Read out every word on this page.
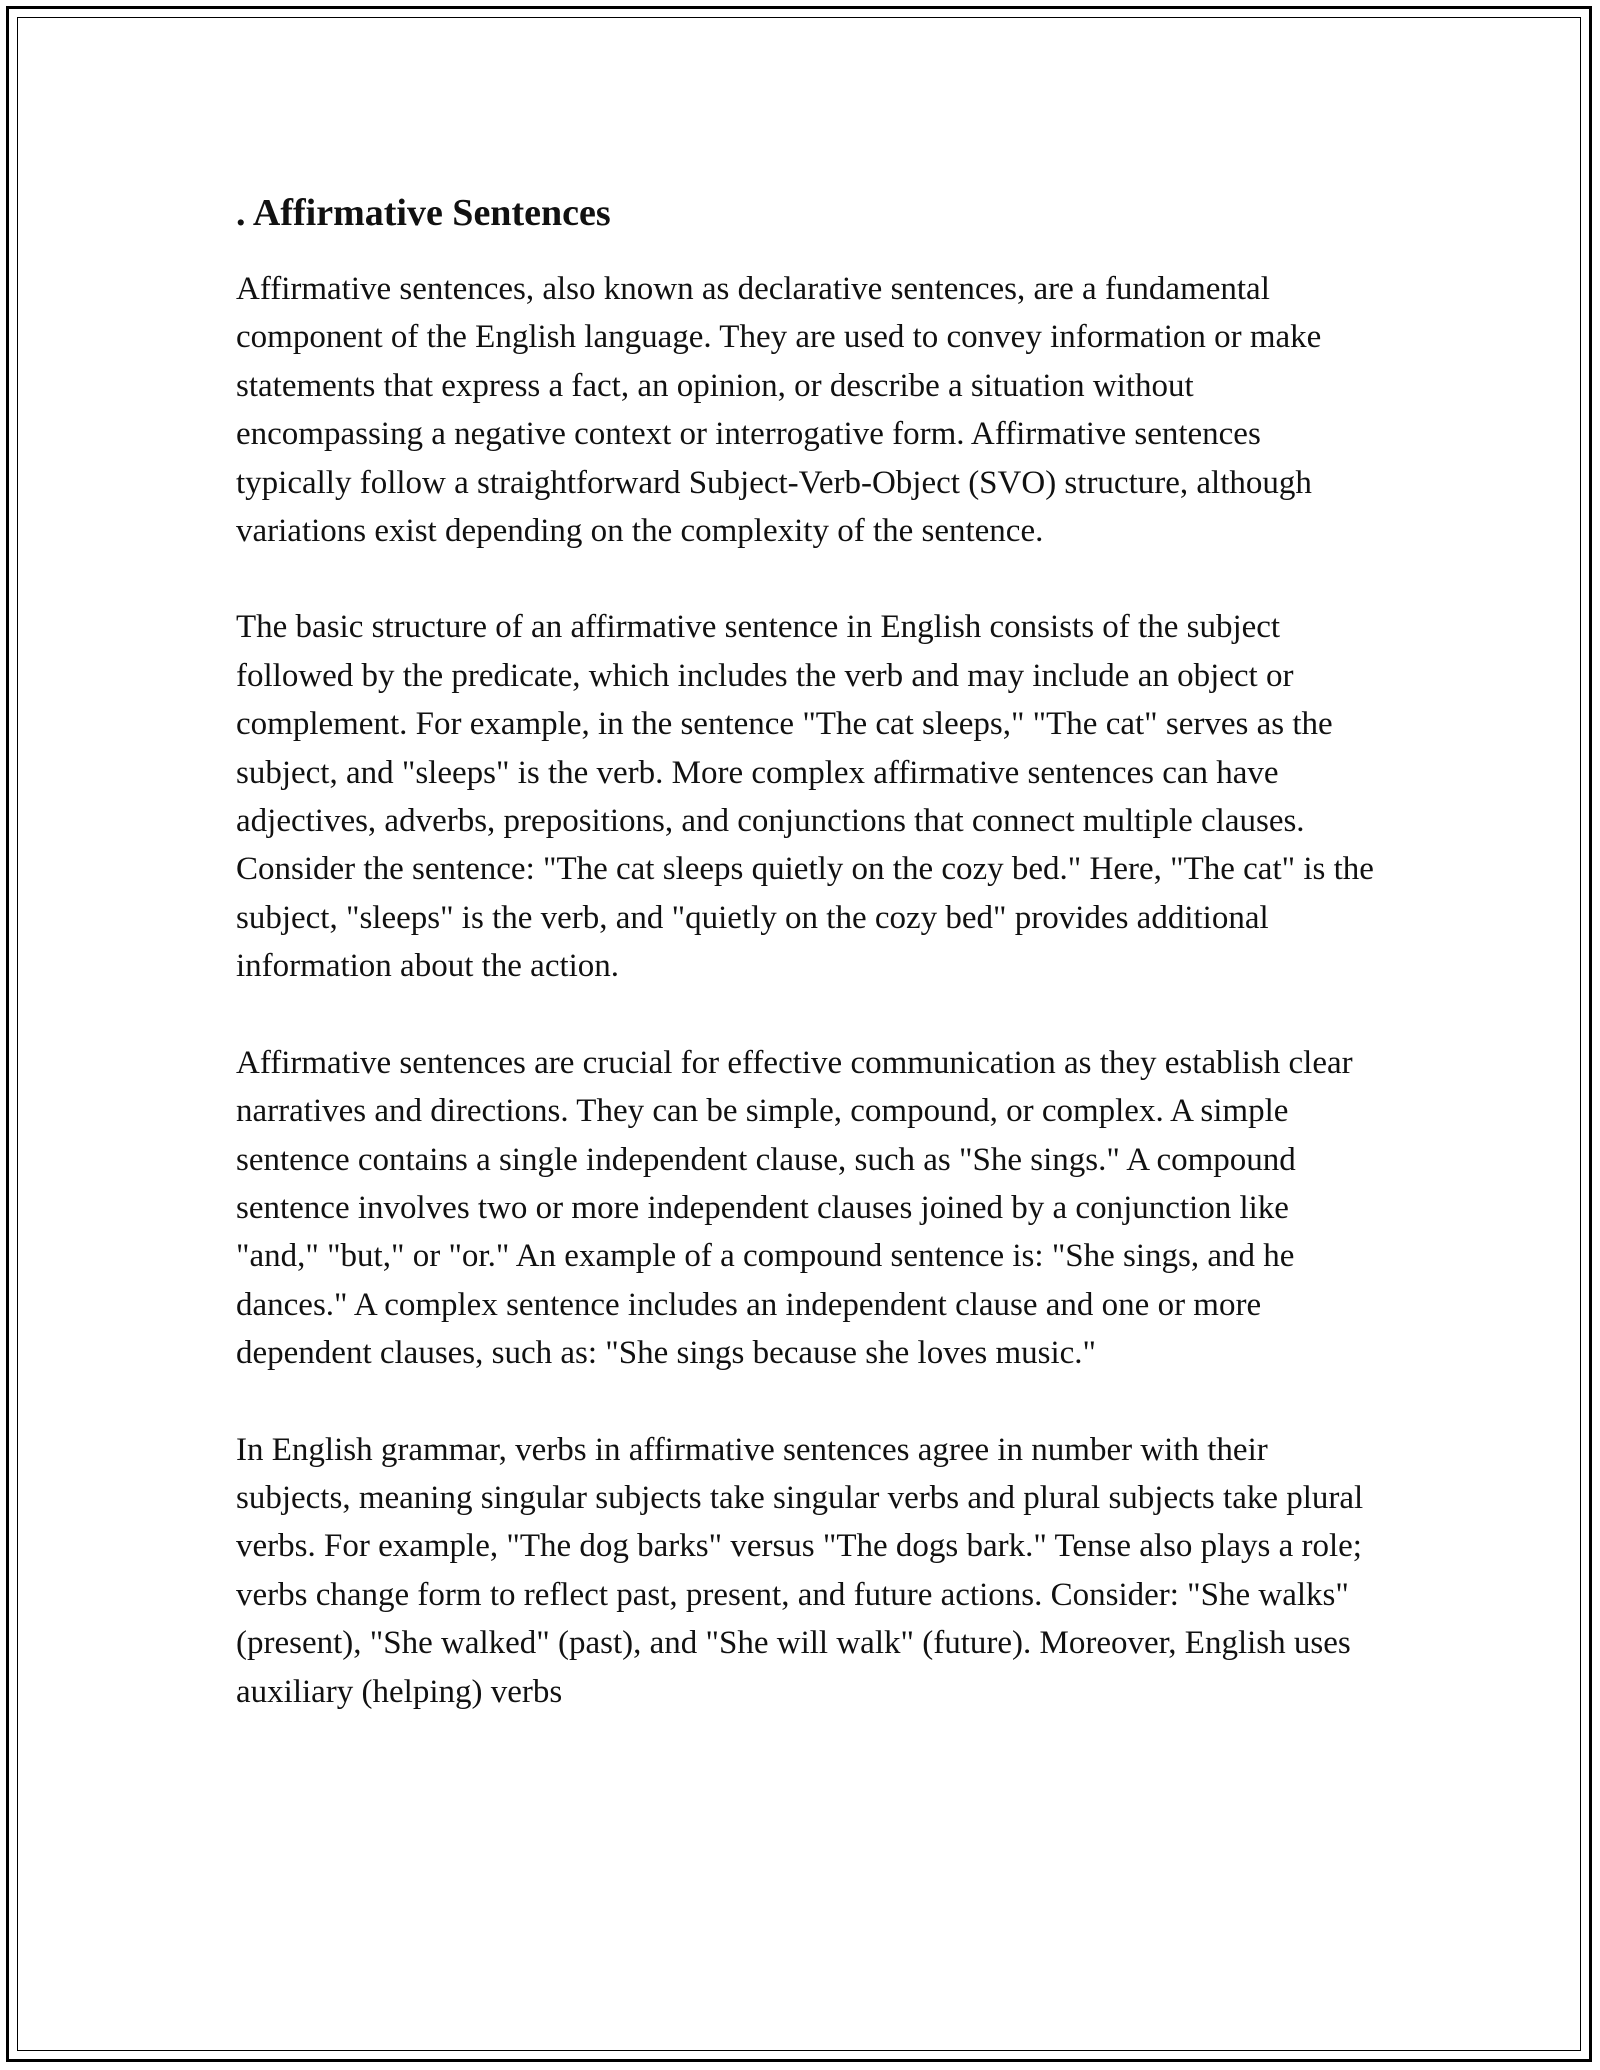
. Affirmative Sentences

Affirmative sentences, also known as declarative sentences, are a fundamental component of the English language. They are used to convey information or make statements that express a fact, an opinion, or describe a situation without encompassing a negative context or interrogative form. Affirmative sentences typically follow a straightforward Subject-Verb-Object (SVO) structure, although variations exist depending on the complexity of the sentence.

The basic structure of an affirmative sentence in English consists of the subject followed by the predicate, which includes the verb and may include an object or complement. For example, in the sentence "The cat sleeps," "The cat" serves as the subject, and "sleeps" is the verb. More complex affirmative sentences can have adjectives, adverbs, prepositions, and conjunctions that connect multiple clauses. Consider the sentence: "The cat sleeps quietly on the cozy bed." Here, "The cat" is the subject, "sleeps" is the verb, and "quietly on the cozy bed" provides additional information about the action.

Affirmative sentences are crucial for effective communication as they establish clear narratives and directions. They can be simple, compound, or complex. A simple sentence contains a single independent clause, such as "She sings." A compound sentence involves two or more independent clauses joined by a conjunction like "and," "but," or "or." An example of a compound sentence is: "She sings, and he dances." A complex sentence includes an independent clause and one or more dependent clauses, such as: "She sings because she loves music."

In English grammar, verbs in affirmative sentences agree in number with their subjects, meaning singular subjects take singular verbs and plural subjects take plural verbs. For example, "The dog barks" versus "The dogs bark." Tense also plays a role; verbs change form to reflect past, present, and future actions. Consider: "She walks" (present), "She walked" (past), and "She will walk" (future). Moreover, English uses auxiliary (helping) verbs
